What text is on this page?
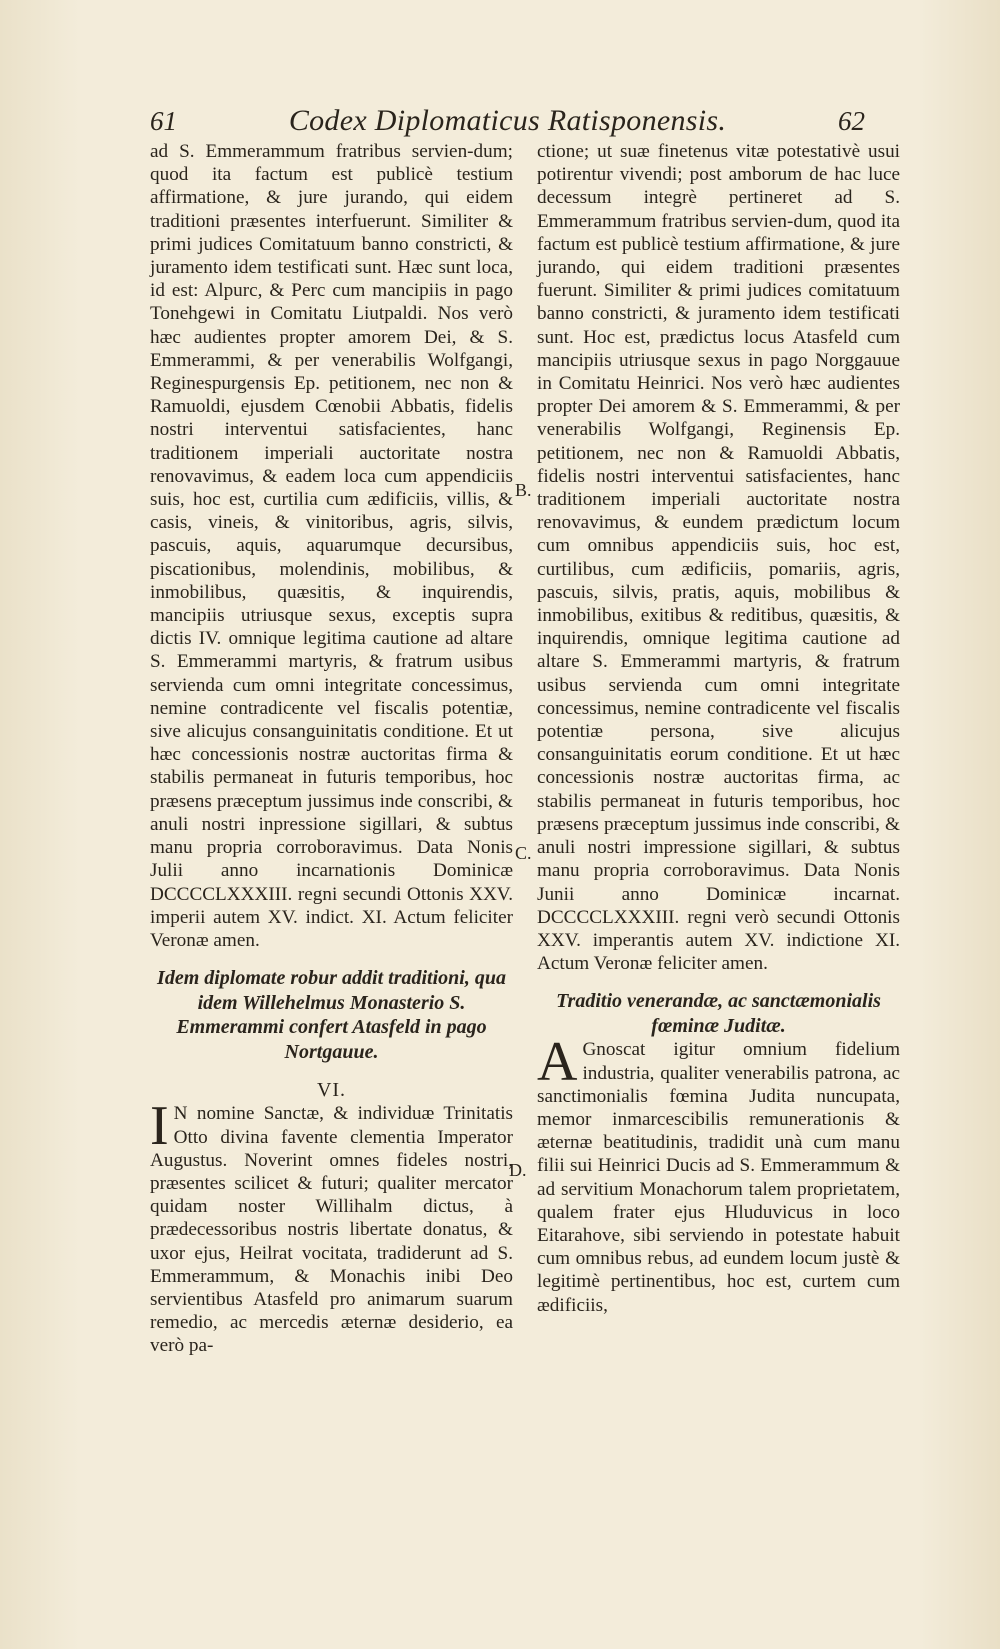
61	Codex Diplomaticus Ratisponensis.	62

ad S. Emmerammum fratribus servien-dum; quod ita factum est publicè testium affirmatione, & jure jurando, qui eidem traditioni præsentes interfuerunt. Similiter & primi judices Comitatuum banno constricti, & juramento idem testificati sunt. Hæc sunt loca, id est: Alpurc, & Perc cum mancipiis in pago Tonehgewi in Comitatu Liutpaldi. Nos verò hæc audientes propter amorem Dei, & S. Emmerammi, & per venerabilis Wolfgangi, Reginespurgensis Ep. petitionem, nec non & Ramuoldi, ejusdem Cœnobii Abbatis, fidelis nostri interventui satisfacientes, hanc traditionem imperiali auctoritate nostra renovavimus, & eadem loca cum appendiciis suis, hoc est, curtilia cum ædificiis, villis, & casis, vineis, & vinitoribus, agris, silvis, pascuis, aquis, aquarumque decursibus, piscationibus, molendinis, mobilibus, & inmobilibus, quæsitis, & inquirendis, mancipiis utriusque sexus, exceptis supra dictis IV. omnique legitima cautione ad altare S. Emmerammi martyris, & fratrum usibus servienda cum omni integritate concessimus, nemine contradicente vel fiscalis potentiæ, sive alicujus consanguinitatis conditione. Et ut hæc concessionis nostræ auctoritas firma & stabilis permaneat in futuris temporibus, hoc præsens præceptum jussimus inde conscribi, & anuli nostri inpressione sigillari, & subtus manu propria corroboravimus. Data Nonis Julii anno incarnationis Dominicæ DCCCCLXXXIII. regni secundi Ottonis XXV. imperii autem XV. indict. XI. Actum feliciter Veronæ amen.

Idem diplomate robur addit traditioni, qua idem Willehelmus Monasterio S. Emmerammi confert Atasfeld in pago Nortgauue.
VI.

I N nomine Sanctæ, & individuæ Trinitatis Otto divina favente clementia Imperator Augustus. Noverint omnes fideles nostri, præsentes scilicet & futuri; qualiter mercator quidam noster Willihalm dictus, à prædecessoribus nostris libertate donatus, & uxor ejus, Heilrat vocitata, tradiderunt ad S. Emmerammum, & Monachis inibi Deo servientibus Atasfeld pro animarum suarum remedio, ac mercedis æternæ desiderio, ea verò pa-

ctione; ut suæ finetenus vitæ potestativè usui potirentur vivendi; post amborum de hac luce decessum integrè pertineret ad S. Emmerammum fratribus servien-dum, quod ita factum est publicè testium affirmatione, & jure jurando, qui eidem traditioni præsentes fuerunt. Similiter & primi judices comitatuum banno constricti, & juramento idem testificati sunt. Hoc est, prædictus locus Atasfeld cum mancipiis utriusque sexus in pago Norggauue in Comitatu Heinrici. Nos verò hæc audientes propter Dei amorem & S. Emmerammi, & per venerabilis Wolfgangi, Reginensis Ep. petitionem, nec non & Ramuoldi Abbatis, fidelis nostri interventui satisfacientes, hanc traditionem imperiali auctoritate nostra renovavimus, & eundem prædictum locum cum omnibus appendiciis suis, hoc est, curtilibus, cum ædificiis, pomariis, agris, pascuis, silvis, pratis, aquis, mobilibus & inmobilibus, exitibus & reditibus, quæsitis, & inquirendis, omnique legitima cautione ad altare S. Emmerammi martyris, & fratrum usibus servienda cum omni integritate concessimus, nemine contradicente vel fiscalis potentiæ persona, sive alicujus consanguinitatis eorum conditione. Et ut hæc concessionis nostræ auctoritas firma, ac stabilis permaneat in futuris temporibus, hoc præsens præceptum jussimus inde conscribi, & anuli nostri impressione sigillari, & subtus manu propria corroboravimus. Data Nonis Junii anno Dominicæ incarnat. DCCCCLXXXIII. regni verò secundi Ottonis XXV. imperantis autem XV. indictione XI. Actum Veronæ feliciter amen.

Traditio venerandæ, ac sanctæmonialis fœminæ Juditæ.

A Gnoscat igitur omnium fidelium industria, qualiter venerabilis patrona, ac sanctimonialis fœmina Judita nuncupata, memor inmarcescibilis remunerationis & æternæ beatitudinis, tradidit unà cum manu filii sui Heinrici Ducis ad S. Emmerammum & ad servitium Monachorum talem proprietatem, qualem frater ejus Hluduvicus in loco Eitarahove, sibi serviendo in potestate habuit cum omnibus rebus, ad eundem locum justè & legitimè pertinentibus, hoc est, curtem cum ædificiis,

B.
C.
D.
